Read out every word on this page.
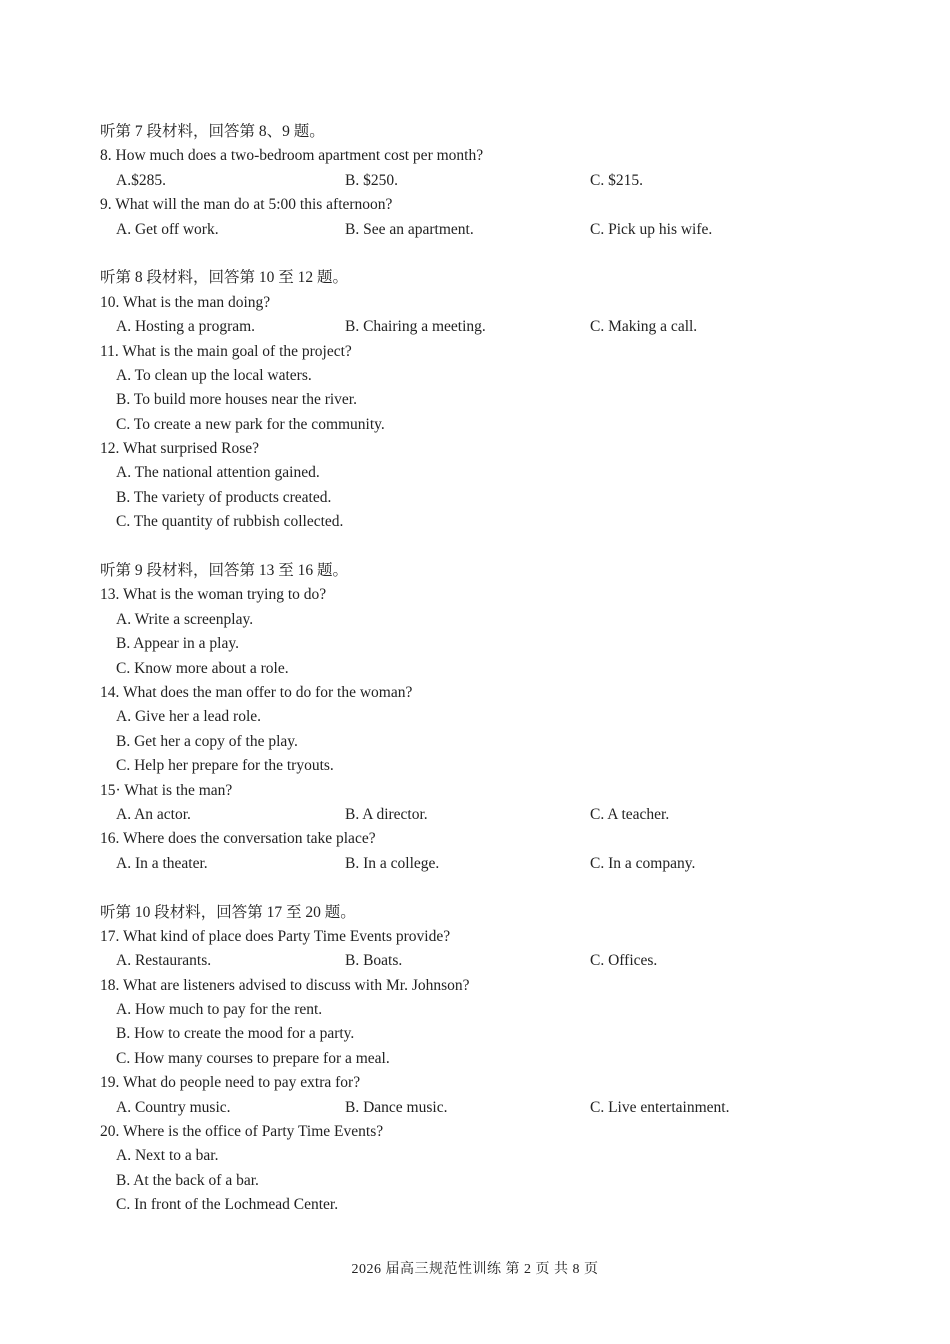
听第 7 段材料，回答第 8、9 题。
8. How much does a two-bedroom apartment cost per month?
A.$285.	B. $250.	C. $215.
9. What will the man do at 5:00 this afternoon?
A. Get off work.	B. See an apartment.	C. Pick up his wife.
听第 8 段材料，回答第 10 至 12 题。
10. What is the man doing?
A. Hosting a program.	B. Chairing a meeting.	C. Making a call.
11. What is the main goal of the project?
A. To clean up the local waters.
B. To build more houses near the river.
C. To create a new park for the community.
12. What surprised Rose?
A. The national attention gained.
B. The variety of products created.
C. The quantity of rubbish collected.
听第 9 段材料，回答第 13 至 16 题。
13. What is the woman trying to do?
A. Write a screenplay.
B. Appear in a play.
C. Know more about a role.
14. What does the man offer to do for the woman?
A. Give her a lead role.
B. Get her a copy of the play.
C. Help her prepare for the tryouts.
15· What is the man?
A. An actor.	B. A director.	C. A teacher.
16. Where does the conversation take place?
A. In a theater.	B. In a college.	C. In a company.
听第 10 段材料，回答第 17 至 20 题。
17. What kind of place does Party Time Events provide?
A. Restaurants.	B. Boats.	C. Offices.
18. What are listeners advised to discuss with Mr. Johnson?
A. How much to pay for the rent.
B. How to create the mood for a party.
C. How many courses to prepare for a meal.
19. What do people need to pay extra for?
A. Country music.	B. Dance music.	C. Live entertainment.
20. Where is the office of Party Time Events?
A. Next to a bar.
B. At the back of a bar.
C. In front of the Lochmead Center.
2026 届高三规范性训练 第 2 页 共 8 页
